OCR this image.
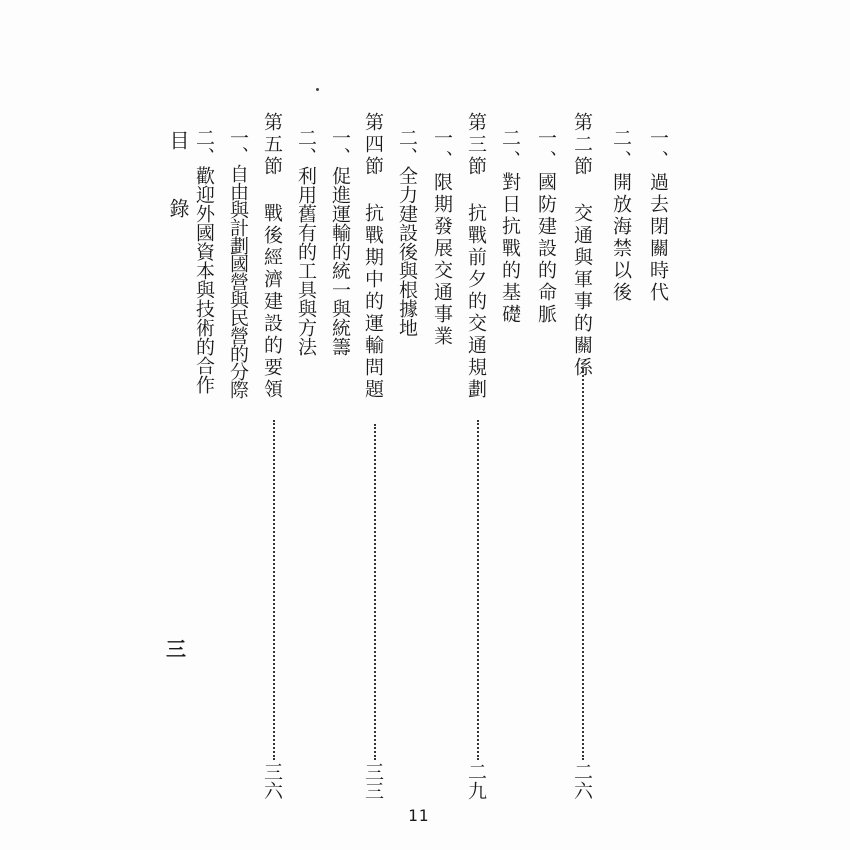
一、過去閉關時代
二、開放海禁以後
第二節 交通與軍事的關係
二六
一、國防建設的命脈
二、對日抗戰的基礎
第三節 抗戰前夕的交通規劃
二九
一、限期發展交通事業
二、全力建設後與根據地
第四節 抗戰期中的運輸問題
三三
一、促進運輸的統一與統籌
二、利用舊有的工具與方法
第五節 戰後經濟建設的要領
三六
一、自由與計劃國營與民營的分際
二、歡迎外國資本與技術的合作
目錄
三
11
